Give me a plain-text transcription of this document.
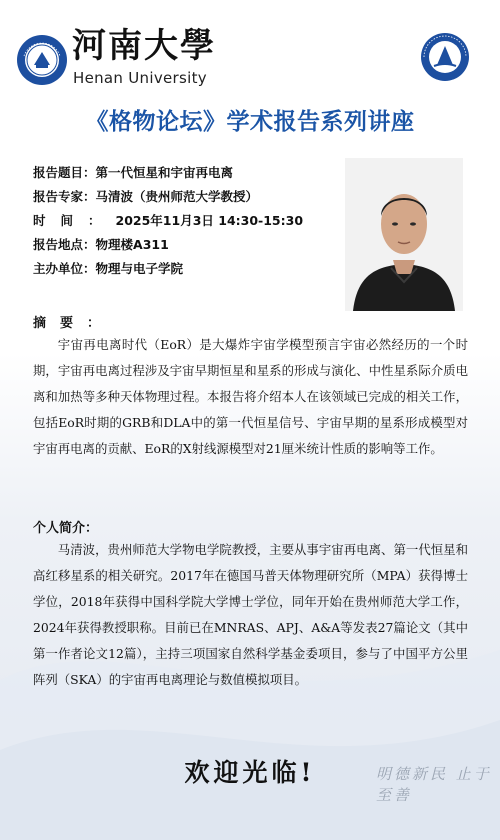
河南大學
Henan University
《格物论坛》学术报告系列讲座
报告题目：第一代恒星和宇宙再电离
报告专家：马清波（贵州师范大学教授）
时间：2025年11月3日 14:30-15:30
报告地点：物理楼A311
主办单位：物理与电子学院
摘要：
宇宙再电离时代（EoR）是大爆炸宇宙学模型预言宇宙必然经历的一个时期，宇宙再电离过程涉及宇宙早期恒星和星系的形成与演化、中性星系际介质电离和加热等多种天体物理过程。本报告将介绍本人在该领域已完成的相关工作，包括EoR时期的GRB和DLA中的第一代恒星信号、宇宙早期的星系形成模型对宇宙再电离的贡献、EoR的X射线源模型对21厘米统计性质的影响等工作。
个人简介：
马清波，贵州师范大学物电学院教授，主要从事宇宙再电离、第一代恒星和高红移星系的相关研究。2017年在德国马普天体物理研究所（MPA）获得博士学位，2018年获得中国科学院大学博士学位，同年开始在贵州师范大学工作，2024年获得教授职称。目前已在MNRAS、APJ、A&A等发表27篇论文（其中第一作者论文12篇），主持三项国家自然科学基金委项目，参与了中国平方公里阵列（SKA）的宇宙再电离理论与数值模拟项目。
欢迎光临!	明德新民 止于至善
